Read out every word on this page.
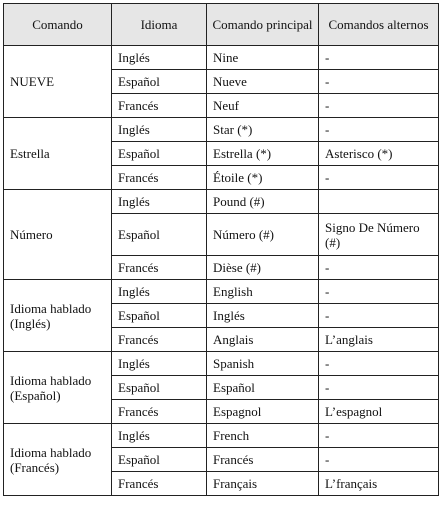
Comando	Idioma	Comando principal	Comandos alternos
NUEVE	Inglés	Nine	-
	Español	Nueve	-
	Francés	Neuf	-
Estrella	Inglés	Star (*)	-
	Español	Estrella (*)	Asterisco (*)
	Francés	Étoile (*)	-
Número	Inglés	Pound (#)	
	Español	Número (#)	Signo De Número (#)
	Francés	Dièse (#)	-
Idioma hablado (Inglés)	Inglés	English	-
	Español	Inglés	-
	Francés	Anglais	L’anglais
Idioma hablado (Español)	Inglés	Spanish	-
	Español	Español	-
	Francés	Espagnol	L’espagnol
Idioma hablado (Francés)	Inglés	French	-
	Español	Francés	-
	Francés	Français	L’français
